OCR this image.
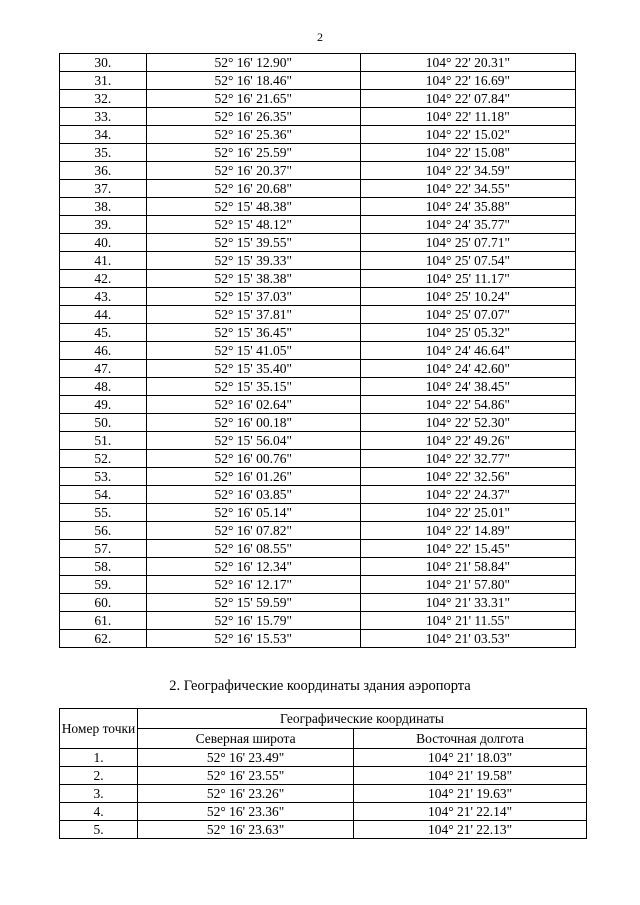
2
30.	52° 16' 12.90"	104° 22' 20.31"
31.	52° 16' 18.46"	104° 22' 16.69"
32.	52° 16' 21.65"	104° 22' 07.84"
33.	52° 16' 26.35"	104° 22' 11.18"
34.	52° 16' 25.36"	104° 22' 15.02"
35.	52° 16' 25.59"	104° 22' 15.08"
36.	52° 16' 20.37"	104° 22' 34.59"
37.	52° 16' 20.68"	104° 22' 34.55"
38.	52° 15' 48.38"	104° 24' 35.88"
39.	52° 15' 48.12"	104° 24' 35.77"
40.	52° 15' 39.55"	104° 25' 07.71"
41.	52° 15' 39.33"	104° 25' 07.54"
42.	52° 15' 38.38"	104° 25' 11.17"
43.	52° 15' 37.03"	104° 25' 10.24"
44.	52° 15' 37.81"	104° 25' 07.07"
45.	52° 15' 36.45"	104° 25' 05.32"
46.	52° 15' 41.05"	104° 24' 46.64"
47.	52° 15' 35.40"	104° 24' 42.60"
48.	52° 15' 35.15"	104° 24' 38.45"
49.	52° 16' 02.64"	104° 22' 54.86"
50.	52° 16' 00.18"	104° 22' 52.30"
51.	52° 15' 56.04"	104° 22' 49.26"
52.	52° 16' 00.76"	104° 22' 32.77"
53.	52° 16' 01.26"	104° 22' 32.56"
54.	52° 16' 03.85"	104° 22' 24.37"
55.	52° 16' 05.14"	104° 22' 25.01"
56.	52° 16' 07.82"	104° 22' 14.89"
57.	52° 16' 08.55"	104° 22' 15.45"
58.	52° 16' 12.34"	104° 21' 58.84"
59.	52° 16' 12.17"	104° 21' 57.80"
60.	52° 15' 59.59"	104° 21' 33.31"
61.	52° 16' 15.79"	104° 21' 11.55"
62.	52° 16' 15.53"	104° 21' 03.53"
2. Географические координаты здания аэропорта
Номер точки	Географические координаты	
	Северная широта	Восточная долгота
1.	52° 16' 23.49"	104° 21' 18.03"
2.	52° 16' 23.55"	104° 21' 19.58"
3.	52° 16' 23.26"	104° 21' 19.63"
4.	52° 16' 23.36"	104° 21' 22.14"
5.	52° 16' 23.63"	104° 21' 22.13"
